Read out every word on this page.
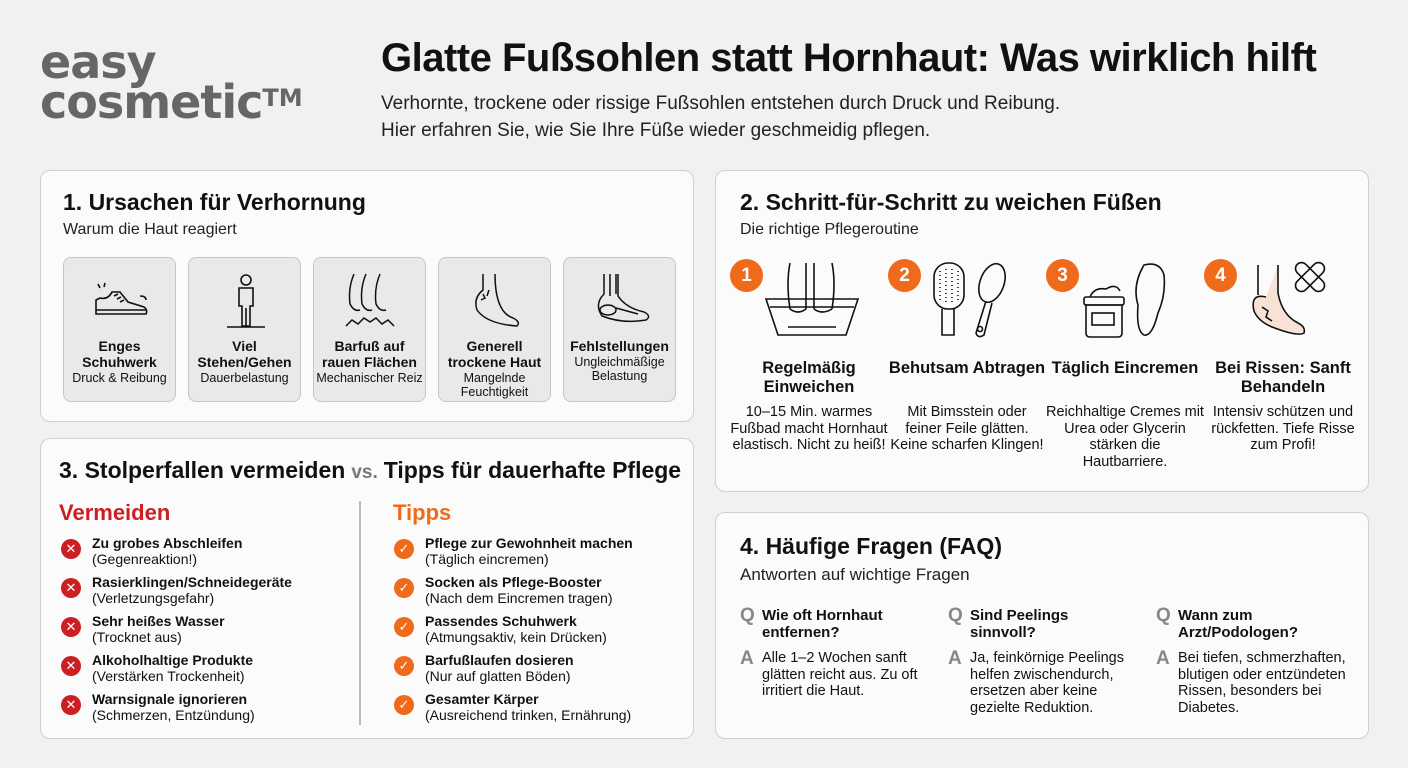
easy
cosmetic™
Glatte Fußsohlen statt Hornhaut: Was wirklich hilft
Verhornte, trockene oder rissige Fußsohlen entstehen durch Druck und Reibung.
Hier erfahren Sie, wie Sie Ihre Füße wieder geschmeidig pflegen.
1. Ursachen für Verhornung
Warum die Haut reagiert
Enges Schuhwerk
Druck & Reibung
Viel Stehen/Gehen
Dauerbelastung
Barfuß auf rauen Flächen
Mechanischer Reiz
Generell trockene Haut
Mangelnde Feuchtigkeit
Fehlstellungen
Ungleichmäßige Belastung
2. Schritt-für-Schritt zu weichen Füßen
Die richtige Pflegeroutine
1
Regelmäßig Einweichen
10–15 Min. warmes Fußbad macht Hornhaut elastisch. Nicht zu heiß!
2
Behutsam Abtragen
Mit Bimsstein oder feiner Feile glätten. Keine scharfen Klingen!
3
Täglich Eincremen
Reichhaltige Cremes mit Urea oder Glycerin stärken die Hautbarriere.
4
Bei Rissen: Sanft Behandeln
Intensiv schützen und rückfetten. Tiefe Risse zum Profi!
3. Stolperfallen vermeiden vs. Tipps für dauerhafte Pflege
Vermeiden	Tipps
✕	Zu grobes Abschleifen
(Gegenreaktion!)
✕	Rasierklingen/Schneidegeräte
(Verletzungsgefahr)
✕	Sehr heißes Wasser
(Trocknet aus)
✕	Alkoholhaltige Produkte
(Verstärken Trockenheit)
✕	Warnsignale ignorieren
(Schmerzen, Entzündung)
✓	Pflege zur Gewohnheit machen
(Täglich eincremen)
✓	Socken als Pflege-Booster
(Nach dem Eincremen tragen)
✓	Passendes Schuhwerk
(Atmungsaktiv, kein Drücken)
✓	Barfußlaufen dosieren
(Nur auf glatten Böden)
✓	Gesamter Kärper
(Ausreichend trinken, Ernährung)
4. Häufige Fragen (FAQ)
Antworten auf wichtige Fragen
Q Wie oft Hornhaut entfernen?
A Alle 1–2 Wochen sanft glätten reicht aus. Zu oft irritiert die Haut.
Q Sind Peelings sinnvoll?
A Ja, feinkörnige Peelings helfen zwischendurch, ersetzen aber keine gezielte Reduktion.
Q Wann zum Arzt/Podologen?
A Bei tiefen, schmerzhaften, blutigen oder entzündeten Rissen, besonders bei Diabetes.
